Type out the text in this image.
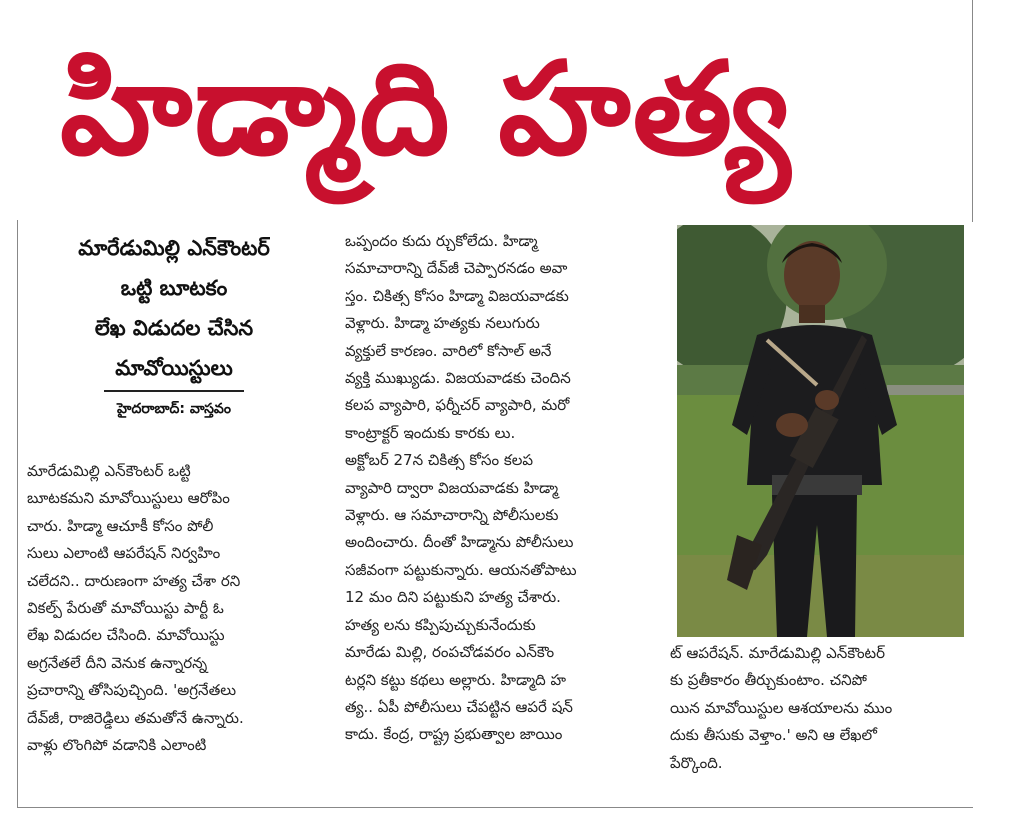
హిడ్మాది హత్య
మారేడుమిల్లి ఎన్‌కౌంటర్
ఒట్టి బూటకం
లేఖ విడుదల చేసిన
మావోయిస్టులు
హైదరాబాద్: వాస్తవం

మారేడుమిల్లి ఎన్‌కౌంటర్ ఒట్టి

బూటకమని మావోయిస్టులు ఆరోపిం

చారు. హిడ్మా ఆచూకీ కోసం పోలీ

సులు ఎలాంటి ఆపరేషన్ నిర్వహిం

చలేదని.. దారుణంగా హత్య చేశా రని

వికల్ప్ పేరుతో మావోయిస్టు పార్టీ ఓ

లేఖ విడుదల చేసింది. మావోయిస్టు

అగ్రనేతలే దీని వెనుక ఉన్నారన్న

ప్రచారాన్ని తోసిపుచ్చింది. 'అగ్రనేతలు

దేవ్‌జీ, రాజిరెడ్డిలు తమతోనే ఉన్నారు.

వాళ్లు లొంగిపో వడానికి ఎలాంటి

ఒప్పందం కుదు ర్చుకోలేదు. హిడ్మా

సమాచారాన్ని దేవ్‌జీ చెప్పారనడం అవా

స్తం. చికిత్స కోసం హిడ్మా విజయవాడకు

వెళ్లారు. హిడ్మా హత్యకు నలుగురు

వ్యక్తులే కారణం. వారిలో కోసాల్ అనే

వ్యక్తి ముఖ్యుడు. విజయవాడకు చెందిన

కలప వ్యాపారి, ఫర్నీచర్ వ్యాపారి, మరో

కాంట్రాక్టర్ ఇందుకు కారకు లు.

అక్టోబర్ 27న చికిత్స కోసం కలప

వ్యాపారి ద్వారా విజయవాడకు హిడ్మా

వెళ్లారు. ఆ సమాచారాన్ని పోలీసులకు

అందించారు. దీంతో హిడ్మాను పోలీసులు

సజీవంగా పట్టుకున్నారు. ఆయనతోపాటు

12 మం దిని పట్టుకుని హత్య చేశారు.

హత్య లను కప్పిపుచ్చుకునేందుకు

మారేడు మిల్లి, రంపచోడవరం ఎన్‌కౌం

టర్లని కట్టు కథలు అల్లారు. హిడ్మాది హ

త్య.. ఏపీ పోలీసులు చేపట్టిన ఆపరే షన్

కాదు. కేంద్ర, రాష్ట్ర ప్రభుత్వాల జాయిం

ట్ ఆపరేషన్. మారేడుమిల్లి ఎన్‌కౌంటర్

కు ప్రతీకారం తీర్చుకుంటాం. చనిపో

యిన మావోయిస్టుల ఆశయాలను ముం

దుకు తీసుకు వెళ్తాం.' అని ఆ లేఖలో

పేర్కొంది.
